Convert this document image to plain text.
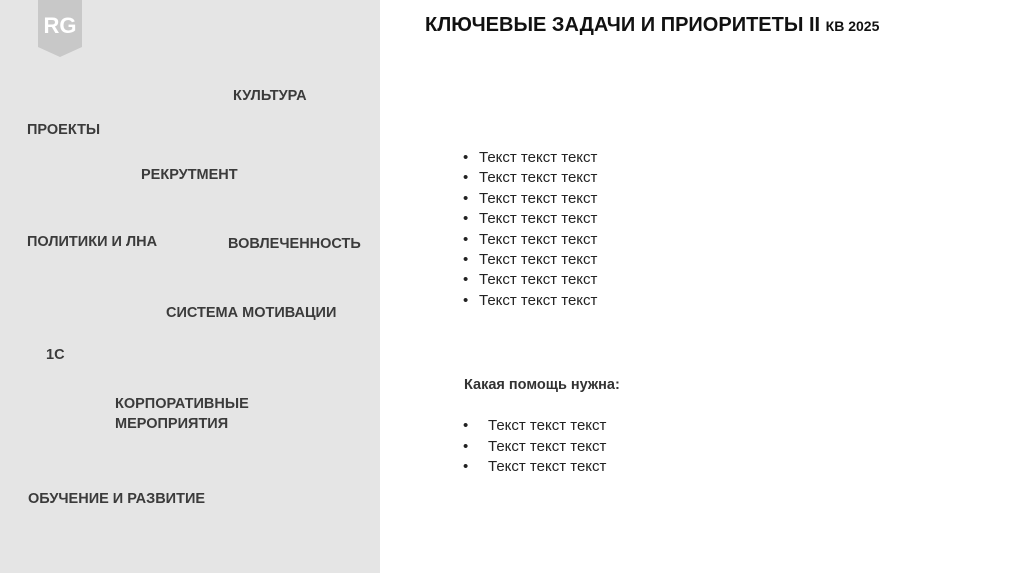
RG
КУЛЬТУРА
ПРОЕКТЫ
РЕКРУТМЕНТ
ПОЛИТИКИ И ЛНА	ВОВЛЕЧЕННОСТЬ
СИСТЕМА МОТИВАЦИИ
1С
КОРПОРАТИВНЫЕ МЕРОПРИЯТИЯ
ОБУЧЕНИЕ И РАЗВИТИЕ
КЛЮЧЕВЫЕ ЗАДАЧИ И ПРИОРИТЕТЫ II КВ 2025
• Текст текст текст
• Текст текст текст
• Текст текст текст
• Текст текст текст
• Текст текст текст
• Текст текст текст
• Текст текст текст
• Текст текст текст
Какая помощь нужна:
• Текст текст текст
• Текст текст текст
• Текст текст текст
